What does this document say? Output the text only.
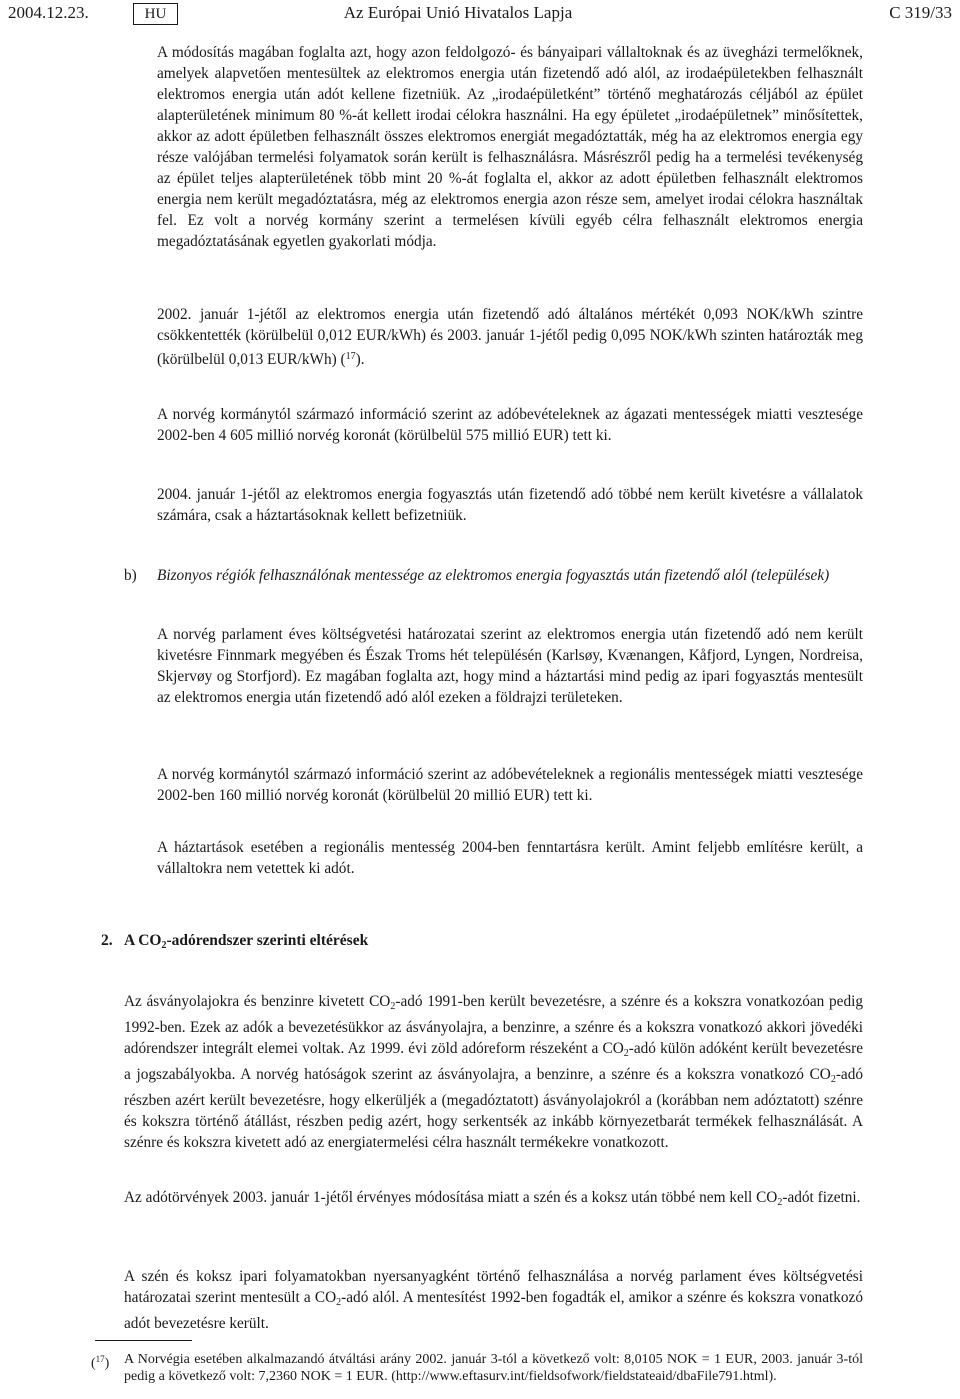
2004.12.23.	HU	Az Európai Unió Hivatalos Lapja	C 319/33

A módosítás magában foglalta azt, hogy azon feldolgozó- és bányaipari vállaltoknak és az üvegházi termelőknek, amelyek alapvetően mentesültek az elektromos energia után fizetendő adó alól, az irodaépületekben felhasznált elektromos energia után adót kellene fizetniük. Az „irodaépületként” történő meghatározás céljából az épület alapterületének minimum 80 %-át kellett irodai célokra használni. Ha egy épületet „irodaépületnek” minősítettek, akkor az adott épületben felhasznált összes elektromos energiát megadóztatták, még ha az elektromos energia egy része valójában termelési folyamatok során került is felhasználásra. Másrészről pedig ha a termelési tevékenység az épület teljes alapterületének több mint 20 %-át foglalta el, akkor az adott épületben felhasznált elektromos energia nem került megadóztatásra, még az elektromos energia azon része sem, amelyet irodai célokra használtak fel. Ez volt a norvég kormány szerint a termelésen kívüli egyéb célra felhasznált elektromos energia megadóztatásának egyetlen gyakorlati módja.

2002. január 1-jétől az elektromos energia után fizetendő adó általános mértékét 0,093 NOK/kWh szintre csökkentették (körülbelül 0,012 EUR/kWh) és 2003. január 1-jétől pedig 0,095 NOK/kWh szinten határozták meg (körülbelül 0,013 EUR/kWh) ($^{17}$).

A norvég kormánytól származó információ szerint az adóbevételeknek az ágazati mentességek miatti vesztesége 2002-ben 4 605 millió norvég koronát (körülbelül 575 millió EUR) tett ki.

2004. január 1-jétől az elektromos energia fogyasztás után fizetendő adó többé nem került kivetésre a vállalatok számára, csak a háztartásoknak kellett befizetniük.

b) Bizonyos régiók felhasználónak mentessége az elektromos energia fogyasztás után fizetendő alól (települések)

A norvég parlament éves költségvetési határozatai szerint az elektromos energia után fizetendő adó nem került kivetésre Finnmark megyében és Észak Troms hét településén (Karlsøy, Kvænangen, Kåfjord, Lyngen, Nordreisa, Skjervøy og Storfjord). Ez magában foglalta azt, hogy mind a háztartási mind pedig az ipari fogyasztás mentesült az elektromos energia után fizetendő adó alól ezeken a földrajzi területeken.

A norvég kormánytól származó információ szerint az adóbevételeknek a regionális mentességek miatti vesztesége 2002-ben 160 millió norvég koronát (körülbelül 20 millió EUR) tett ki.

A háztartások esetében a regionális mentesség 2004-ben fenntartásra került. Amint feljebb említésre került, a vállaltokra nem vetettek ki adót.

2. A $CO_2$-adórendszer szerinti eltérések

Az ásványolajokra és benzinre kivetett $CO_2$-adó 1991-ben került bevezetésre, a szénre és a kokszra vonatkozóan pedig 1992-ben. Ezek az adók a bevezetésükkor az ásványolajra, a benzinre, a szénre és a kokszra vonatkozó akkori jövedéki adórendszer integrált elemei voltak. Az 1999. évi zöld adóreform részeként a $CO_2$-adó külön adóként került bevezetésre a jogszabályokba. A norvég hatóságok szerint az ásványolajra, a benzinre, a szénre és a kokszra vonatkozó $CO_2$-adó részben azért került bevezetésre, hogy elkerüljék a (megadóztatott) ásványolajokról a (korábban nem adóztatott) szénre és kokszra történő átállást, részben pedig azért, hogy serkentsék az inkább környezetbarát termékek felhasználását. A szénre és kokszra kivetett adó az energiatermelési célra használt termékekre vonatkozott.

Az adótörvények 2003. január 1-jétől érvényes módosítása miatt a szén és a koksz után többé nem kell $CO_2$-adót fizetni.

A szén és koksz ipari folyamatokban nyersanyagként történő felhasználása a norvég parlament éves költségvetési határozatai szerint mentesült a $CO_2$-adó alól. A mentesítést 1992-ben fogadták el, amikor a szénre és kokszra vonatkozó adót bevezetésre került.

($^{17}$) A Norvégia esetében alkalmazandó átváltási arány 2002. január 3-tól a következő volt: 8,0105 NOK = 1 EUR, 2003. január 3-tól pedig a következő volt: 7,2360 NOK = 1 EUR. (http://www.eftasurv.int/fieldsofwork/fieldstateaid/dbaFile791.html).
